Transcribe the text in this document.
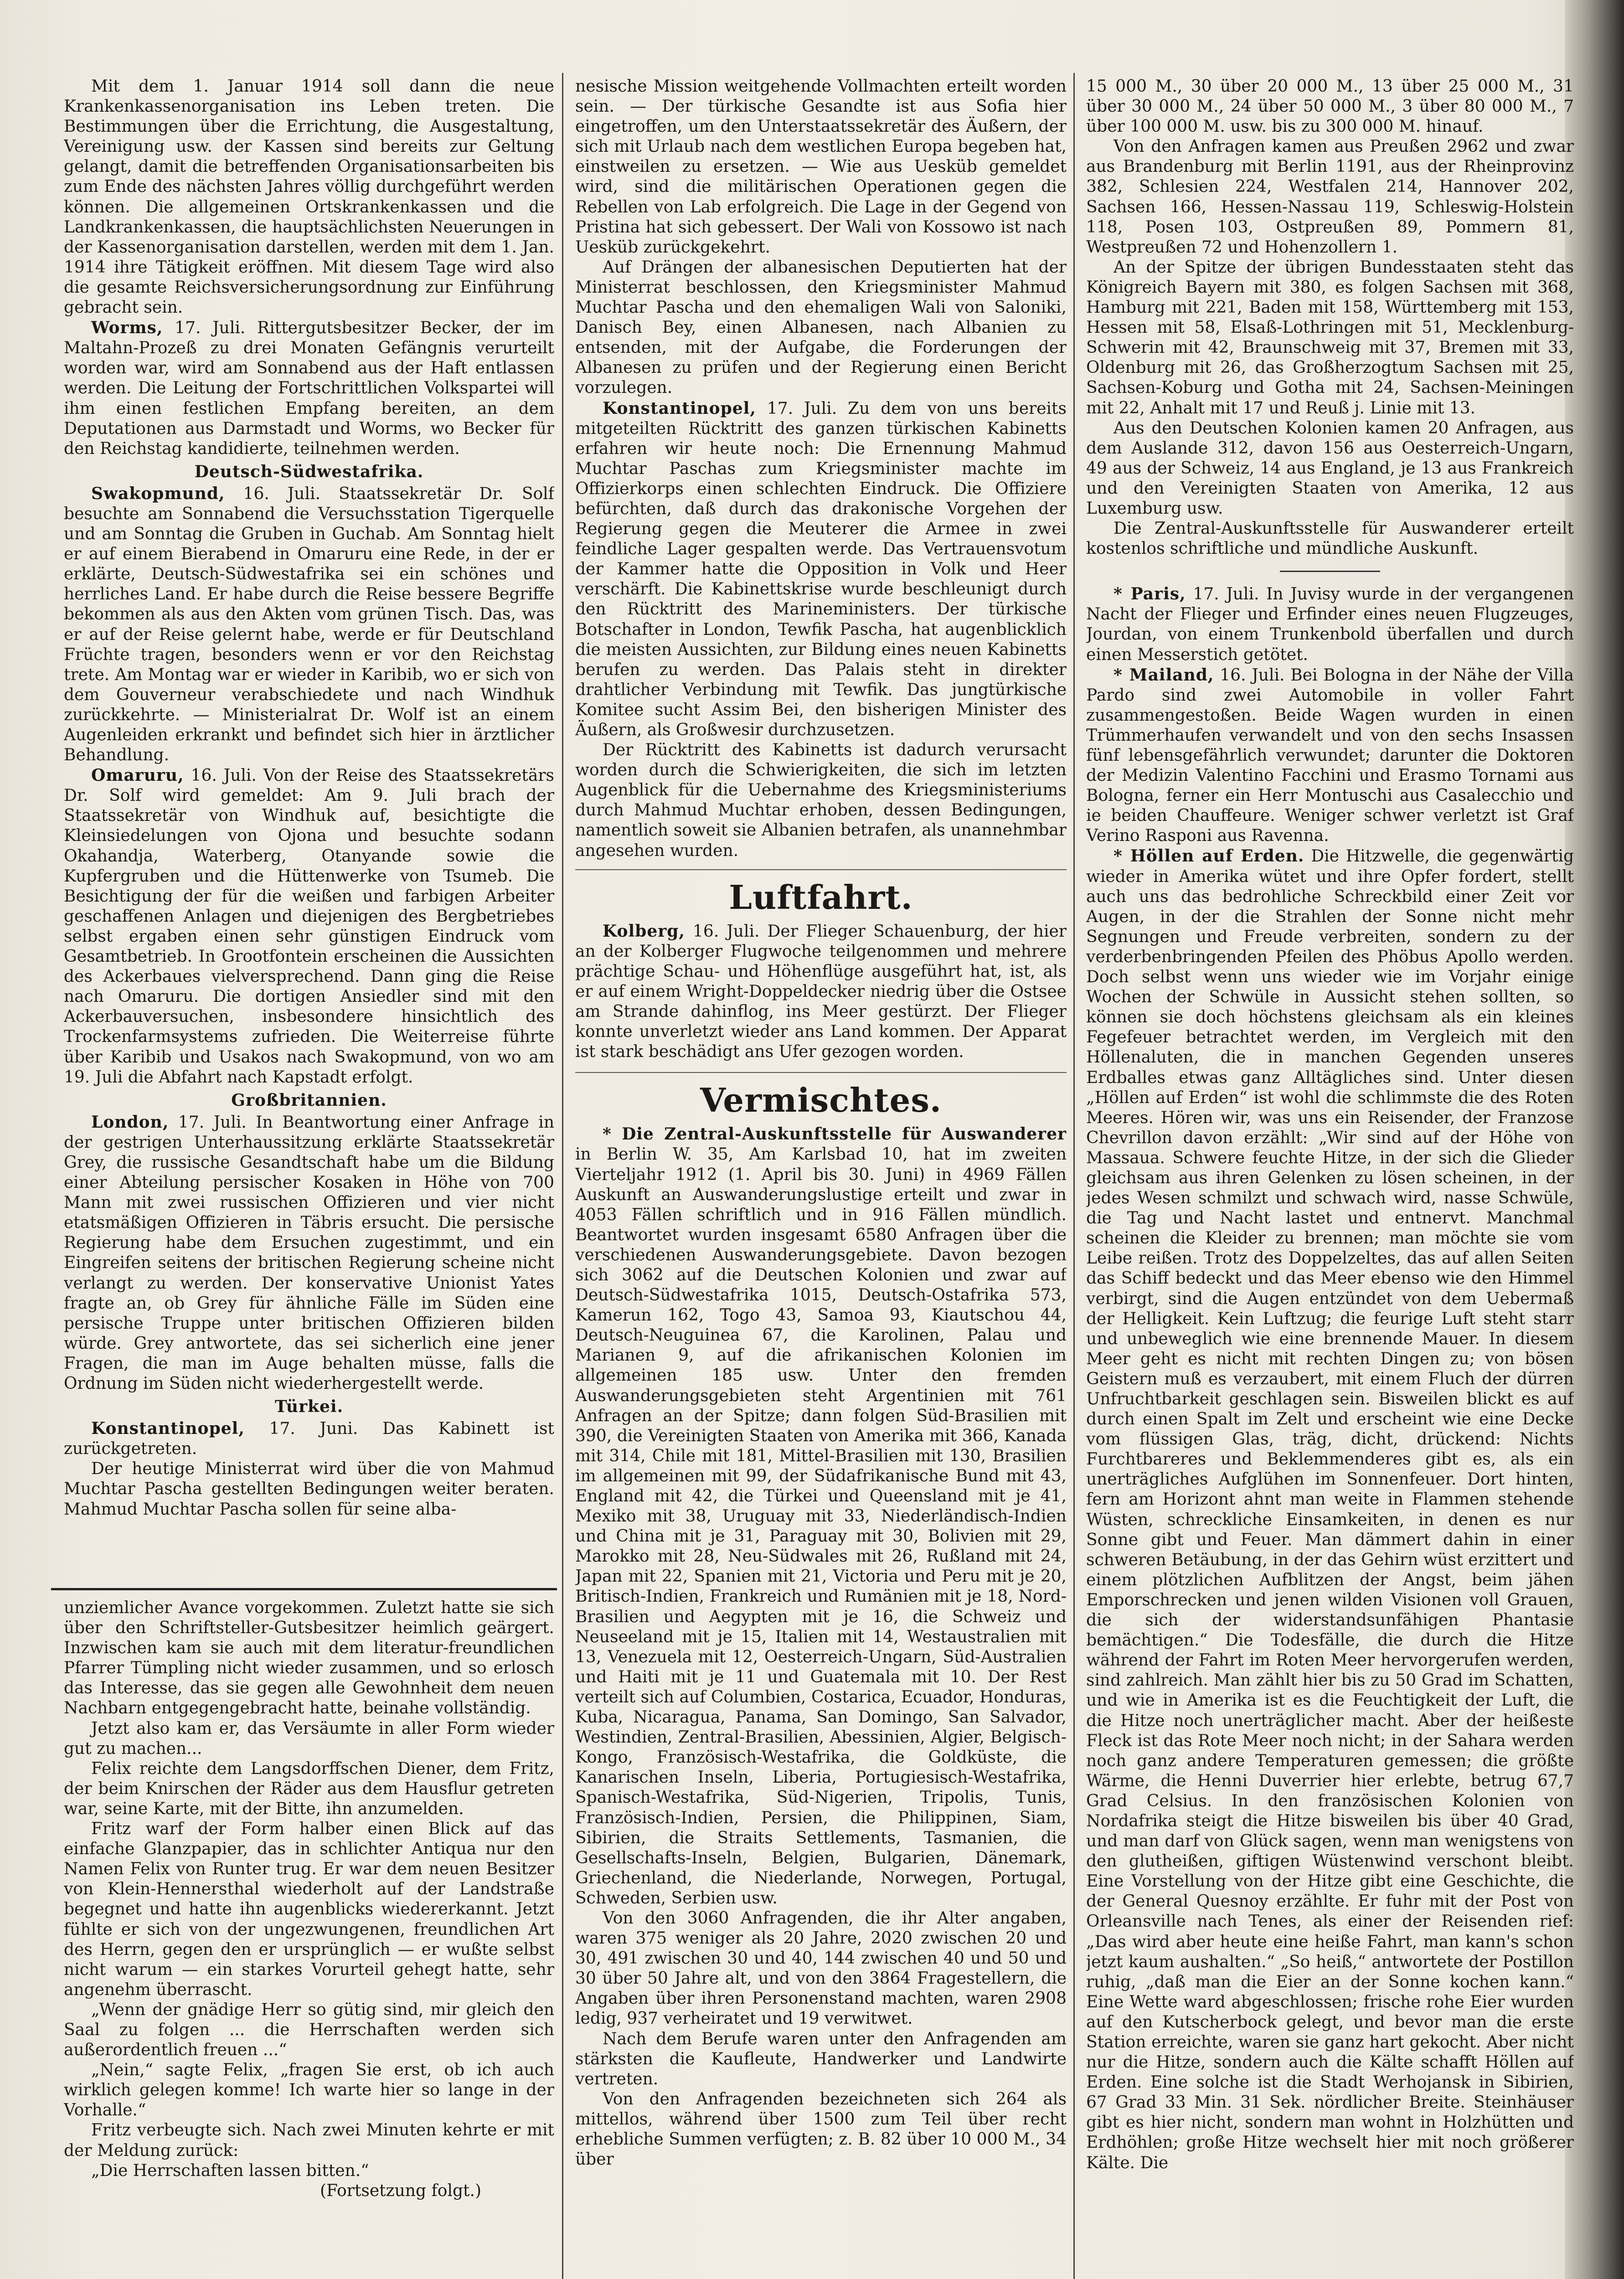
Mit dem 1. Januar 1914 soll dann die neue Krankenkassenorganisation ins Leben treten. Die Bestimmungen über die Errichtung, die Ausgestaltung, Vereinigung usw. der Kassen sind bereits zur Geltung gelangt, damit die betreffenden Organisationsarbeiten bis zum Ende des nächsten Jahres völlig durchgeführt werden können. Die allgemeinen Ortskrankenkassen und die Landkrankenkassen, die hauptsächlichsten Neuerungen in der Kassenorganisation darstellen, werden mit dem 1. Jan. 1914 ihre Tätigkeit eröffnen. Mit diesem Tage wird also die gesamte Reichsversicherungsordnung zur Einführung gebracht sein.

Worms, 17. Juli. Rittergutsbesitzer Becker, der im Maltahn-Prozeß zu drei Monaten Gefängnis verurteilt worden war, wird am Sonnabend aus der Haft entlassen werden. Die Leitung der Fortschrittlichen Volkspartei will ihm einen festlichen Empfang bereiten, an dem Deputationen aus Darmstadt und Worms, wo Becker für den Reichstag kandidierte, teilnehmen werden.

Deutsch-Südwestafrika.

Swakopmund, 16. Juli. Staatssekretär Dr. Solf besuchte am Sonnabend die Versuchsstation Tigerquelle und am Sonntag die Gruben in Guchab. Am Sonntag hielt er auf einem Bierabend in Omaruru eine Rede, in der er erklärte, Deutsch-Südwestafrika sei ein schönes und herrliches Land. Er habe durch die Reise bessere Begriffe bekommen als aus den Akten vom grünen Tisch. Das, was er auf der Reise gelernt habe, werde er für Deutschland Früchte tragen, besonders wenn er vor den Reichstag trete. Am Montag war er wieder in Karibib, wo er sich von dem Gouverneur verabschiedete und nach Windhuk zurückkehrte. — Ministerialrat Dr. Wolf ist an einem Augenleiden erkrankt und befindet sich hier in ärztlicher Behandlung.

Omaruru, 16. Juli. Von der Reise des Staatssekretärs Dr. Solf wird gemeldet: Am 9. Juli brach der Staatssekretär von Windhuk auf, besichtigte die Kleinsiedelungen von Ojona und besuchte sodann Okahandja, Waterberg, Otanyande sowie die Kupfergruben und die Hüttenwerke von Tsumeb. Die Besichtigung der für die weißen und farbigen Arbeiter geschaffenen Anlagen und diejenigen des Bergbetriebes selbst ergaben einen sehr günstigen Eindruck vom Gesamtbetrieb. In Grootfontein erscheinen die Aussichten des Ackerbaues vielversprechend. Dann ging die Reise nach Omaruru. Die dortigen Ansiedler sind mit den Ackerbauversuchen, insbesondere hinsichtlich des Trockenfarmsystems zufrieden. Die Weiterreise führte über Karibib und Usakos nach Swakopmund, von wo am 19. Juli die Abfahrt nach Kapstadt erfolgt.

Großbritannien.

London, 17. Juli. In Beantwortung einer Anfrage in der gestrigen Unterhaussitzung erklärte Staatssekretär Grey, die russische Gesandtschaft habe um die Bildung einer Abteilung persischer Kosaken in Höhe von 700 Mann mit zwei russischen Offizieren und vier nicht etatsmäßigen Offizieren in Täbris ersucht. Die persische Regierung habe dem Ersuchen zugestimmt, und ein Eingreifen seitens der britischen Regierung scheine nicht verlangt zu werden. Der konservative Unionist Yates fragte an, ob Grey für ähnliche Fälle im Süden eine persische Truppe unter britischen Offizieren bilden würde. Grey antwortete, das sei sicherlich eine jener Fragen, die man im Auge behalten müsse, falls die Ordnung im Süden nicht wiederhergestellt werde.

Türkei.

Konstantinopel, 17. Juni. Das Kabinett ist zurückgetreten.

Der heutige Ministerrat wird über die von Mahmud Muchtar Pascha gestellten Bedingungen weiter beraten. Mahmud Muchtar Pascha sollen für seine alba-

unziemlicher Avance vorgekommen. Zuletzt hatte sie sich über den Schriftsteller-Gutsbesitzer heimlich geärgert. Inzwischen kam sie auch mit dem literatur-freundlichen Pfarrer Tümpling nicht wieder zusammen, und so erlosch das Interesse, das sie gegen alle Gewohnheit dem neuen Nachbarn entgegengebracht hatte, beinahe vollständig.

Jetzt also kam er, das Versäumte in aller Form wieder gut zu machen...

Felix reichte dem Langsdorffschen Diener, dem Fritz, der beim Knirschen der Räder aus dem Hausflur getreten war, seine Karte, mit der Bitte, ihn anzumelden.

Fritz warf der Form halber einen Blick auf das einfache Glanzpapier, das in schlichter Antiqua nur den Namen Felix von Runter trug. Er war dem neuen Besitzer von Klein-Hennersthal wiederholt auf der Landstraße begegnet und hatte ihn augenblicks wiedererkannt. Jetzt fühlte er sich von der ungezwungenen, freundlichen Art des Herrn, gegen den er ursprünglich — er wußte selbst nicht warum — ein starkes Vorurteil gehegt hatte, sehr angenehm überrascht.

„Wenn der gnädige Herr so gütig sind, mir gleich den Saal zu folgen ... die Herrschaften werden sich außerordentlich freuen ...“

„Nein,“ sagte Felix, „fragen Sie erst, ob ich auch wirklich gelegen komme! Ich warte hier so lange in der Vorhalle.“

Fritz verbeugte sich. Nach zwei Minuten kehrte er mit der Meldung zurück:

„Die Herrschaften lassen bitten.“

(Fortsetzung folgt.)

nesische Mission weitgehende Vollmachten erteilt worden sein. — Der türkische Gesandte ist aus Sofia hier eingetroffen, um den Unterstaatssekretär des Äußern, der sich mit Urlaub nach dem westlichen Europa begeben hat, einstweilen zu ersetzen. — Wie aus Uesküb gemeldet wird, sind die militärischen Operationen gegen die Rebellen von Lab erfolgreich. Die Lage in der Gegend von Pristina hat sich gebessert. Der Wali von Kossowo ist nach Uesküb zurückgekehrt.

Auf Drängen der albanesischen Deputierten hat der Ministerrat beschlossen, den Kriegsminister Mahmud Muchtar Pascha und den ehemaligen Wali von Saloniki, Danisch Bey, einen Albanesen, nach Albanien zu entsenden, mit der Aufgabe, die Forderungen der Albanesen zu prüfen und der Regierung einen Bericht vorzulegen.

Konstantinopel, 17. Juli. Zu dem von uns bereits mitgeteilten Rücktritt des ganzen türkischen Kabinetts erfahren wir heute noch: Die Ernennung Mahmud Muchtar Paschas zum Kriegsminister machte im Offizierkorps einen schlechten Eindruck. Die Offiziere befürchten, daß durch das drakonische Vorgehen der Regierung gegen die Meuterer die Armee in zwei feindliche Lager gespalten werde. Das Vertrauensvotum der Kammer hatte die Opposition in Volk und Heer verschärft. Die Kabinettskrise wurde beschleunigt durch den Rücktritt des Marineministers. Der türkische Botschafter in London, Tewfik Pascha, hat augenblicklich die meisten Aussichten, zur Bildung eines neuen Kabinetts berufen zu werden. Das Palais steht in direkter drahtlicher Verbindung mit Tewfik. Das jungtürkische Komitee sucht Assim Bei, den bisherigen Minister des Äußern, als Großwesir durchzusetzen.

Der Rücktritt des Kabinetts ist dadurch verursacht worden durch die Schwierigkeiten, die sich im letzten Augenblick für die Uebernahme des Kriegsministeriums durch Mahmud Muchtar erhoben, dessen Bedingungen, namentlich soweit sie Albanien betrafen, als unannehmbar angesehen wurden.

Luftfahrt.

Kolberg, 16. Juli. Der Flieger Schauenburg, der hier an der Kolberger Flugwoche teilgenommen und mehrere prächtige Schau- und Höhenflüge ausgeführt hat, ist, als er auf einem Wright-Doppeldecker niedrig über die Ostsee am Strande dahinflog, ins Meer gestürzt. Der Flieger konnte unverletzt wieder ans Land kommen. Der Apparat ist stark beschädigt ans Ufer gezogen worden.

Vermischtes.

* Die Zentral-Auskunftsstelle für Auswanderer in Berlin W. 35, Am Karlsbad 10, hat im zweiten Vierteljahr 1912 (1. April bis 30. Juni) in 4969 Fällen Auskunft an Auswanderungslustige erteilt und zwar in 4053 Fällen schriftlich und in 916 Fällen mündlich. Beantwortet wurden insgesamt 6580 Anfragen über die verschiedenen Auswanderungsgebiete. Davon bezogen sich 3062 auf die Deutschen Kolonien und zwar auf Deutsch-Südwestafrika 1015, Deutsch-Ostafrika 573, Kamerun 162, Togo 43, Samoa 93, Kiautschou 44, Deutsch-Neuguinea 67, die Karolinen, Palau und Marianen 9, auf die afrikanischen Kolonien im allgemeinen 185 usw. Unter den fremden Auswanderungsgebieten steht Argentinien mit 761 Anfragen an der Spitze; dann folgen Süd-Brasilien mit 390, die Vereinigten Staaten von Amerika mit 366, Kanada mit 314, Chile mit 181, Mittel-Brasilien mit 130, Brasilien im allgemeinen mit 99, der Südafrikanische Bund mit 43, England mit 42, die Türkei und Queensland mit je 41, Mexiko mit 38, Uruguay mit 33, Niederländisch-Indien und China mit je 31, Paraguay mit 30, Bolivien mit 29, Marokko mit 28, Neu-Südwales mit 26, Rußland mit 24, Japan mit 22, Spanien mit 21, Victoria und Peru mit je 20, Britisch-Indien, Frankreich und Rumänien mit je 18, Nord-Brasilien und Aegypten mit je 16, die Schweiz und Neuseeland mit je 15, Italien mit 14, Westaustralien mit 13, Venezuela mit 12, Oesterreich-Ungarn, Süd-Australien und Haiti mit je 11 und Guatemala mit 10. Der Rest verteilt sich auf Columbien, Costarica, Ecuador, Honduras, Kuba, Nicaragua, Panama, San Domingo, San Salvador, Westindien, Zentral-Brasilien, Abessinien, Algier, Belgisch-Kongo, Französisch-Westafrika, die Goldküste, die Kanarischen Inseln, Liberia, Portugiesisch-Westafrika, Spanisch-Westafrika, Süd-Nigerien, Tripolis, Tunis, Französisch-Indien, Persien, die Philippinen, Siam, Sibirien, die Straits Settlements, Tasmanien, die Gesellschafts-Inseln, Belgien, Bulgarien, Dänemark, Griechenland, die Niederlande, Norwegen, Portugal, Schweden, Serbien usw.

Von den 3060 Anfragenden, die ihr Alter angaben, waren 375 weniger als 20 Jahre, 2020 zwischen 20 und 30, 491 zwischen 30 und 40, 144 zwischen 40 und 50 und 30 über 50 Jahre alt, und von den 3864 Fragestellern, die Angaben über ihren Personenstand machten, waren 2908 ledig, 937 verheiratet und 19 verwitwet.

Nach dem Berufe waren unter den Anfragenden am stärksten die Kaufleute, Handwerker und Landwirte vertreten.

Von den Anfragenden bezeichneten sich 264 als mittellos, während über 1500 zum Teil über recht erhebliche Summen verfügten; z. B. 82 über 10 000 M., 34 über

15 000 M., 30 über 20 000 M., 13 über 25 000 M., 31 über 30 000 M., 24 über 50 000 M., 3 über 80 000 M., 7 über 100 000 M. usw. bis zu 300 000 M. hinauf.

Von den Anfragen kamen aus Preußen 2962 und zwar aus Brandenburg mit Berlin 1191, aus der Rheinprovinz 382, Schlesien 224, Westfalen 214, Hannover 202, Sachsen 166, Hessen-Nassau 119, Schleswig-Holstein 118, Posen 103, Ostpreußen 89, Pommern 81, Westpreußen 72 und Hohenzollern 1.

An der Spitze der übrigen Bundesstaaten steht das Königreich Bayern mit 380, es folgen Sachsen mit 368, Hamburg mit 221, Baden mit 158, Württemberg mit 153, Hessen mit 58, Elsaß-Lothringen mit 51, Mecklenburg-Schwerin mit 42, Braunschweig mit 37, Bremen mit 33, Oldenburg mit 26, das Großherzogtum Sachsen mit 25, Sachsen-Koburg und Gotha mit 24, Sachsen-Meiningen mit 22, Anhalt mit 17 und Reuß j. Linie mit 13.

Aus den Deutschen Kolonien kamen 20 Anfragen, aus dem Auslande 312, davon 156 aus Oesterreich-Ungarn, 49 aus der Schweiz, 14 aus England, je 13 aus Frankreich und den Vereinigten Staaten von Amerika, 12 aus Luxemburg usw.

Die Zentral-Auskunftsstelle für Auswanderer erteilt kostenlos schriftliche und mündliche Auskunft.

* Paris, 17. Juli. In Juvisy wurde in der vergangenen Nacht der Flieger und Erfinder eines neuen Flugzeuges, Jourdan, von einem Trunkenbold überfallen und durch einen Messerstich getötet.

* Mailand, 16. Juli. Bei Bologna in der Nähe der Villa Pardo sind zwei Automobile in voller Fahrt zusammengestoßen. Beide Wagen wurden in einen Trümmerhaufen verwandelt und von den sechs Insassen fünf lebensgefährlich verwundet; darunter die Doktoren der Medizin Valentino Facchini und Erasmo Tornami aus Bologna, ferner ein Herr Montuschi aus Casalecchio und ie beiden Chauffeure. Weniger schwer verletzt ist Graf Verino Rasponi aus Ravenna.

* Höllen auf Erden. Die Hitzwelle, die gegenwärtig wieder in Amerika wütet und ihre Opfer fordert, stellt auch uns das bedrohliche Schreckbild einer Zeit vor Augen, in der die Strahlen der Sonne nicht mehr Segnungen und Freude verbreiten, sondern zu der verderbenbringenden Pfeilen des Phöbus Apollo werden. Doch selbst wenn uns wieder wie im Vorjahr einige Wochen der Schwüle in Aussicht stehen sollten, so können sie doch höchstens gleichsam als ein kleines Fegefeuer betrachtet werden, im Vergleich mit den Höllenaluten, die in manchen Gegenden unseres Erdballes etwas ganz Alltägliches sind. Unter diesen „Höllen auf Erden“ ist wohl die schlimmste die des Roten Meeres. Hören wir, was uns ein Reisender, der Franzose Chevrillon davon erzählt: „Wir sind auf der Höhe von Massaua. Schwere feuchte Hitze, in der sich die Glieder gleichsam aus ihren Gelenken zu lösen scheinen, in der jedes Wesen schmilzt und schwach wird, nasse Schwüle, die Tag und Nacht lastet und entnervt. Manchmal scheinen die Kleider zu brennen; man möchte sie vom Leibe reißen. Trotz des Doppelzeltes, das auf allen Seiten das Schiff bedeckt und das Meer ebenso wie den Himmel verbirgt, sind die Augen entzündet von dem Uebermaß der Helligkeit. Kein Luftzug; die feurige Luft steht starr und unbeweglich wie eine brennende Mauer. In diesem Meer geht es nicht mit rechten Dingen zu; von bösen Geistern muß es verzaubert, mit einem Fluch der dürren Unfruchtbarkeit geschlagen sein. Bisweilen blickt es auf durch einen Spalt im Zelt und erscheint wie eine Decke vom flüssigen Glas, träg, dicht, drückend: Nichts Furchtbareres und Beklemmenderes gibt es, als ein unerträgliches Aufglühen im Sonnenfeuer. Dort hinten, fern am Horizont ahnt man weite in Flammen stehende Wüsten, schreckliche Einsamkeiten, in denen es nur Sonne gibt und Feuer. Man dämmert dahin in einer schweren Betäubung, in der das Gehirn wüst erzittert und einem plötzlichen Aufblitzen der Angst, beim jähen Emporschrecken und jenen wilden Visionen voll Grauen, die sich der widerstandsunfähigen Phantasie bemächtigen.“ Die Todesfälle, die durch die Hitze während der Fahrt im Roten Meer hervorgerufen werden, sind zahlreich. Man zählt hier bis zu 50 Grad im Schatten, und wie in Amerika ist es die Feuchtigkeit der Luft, die die Hitze noch unerträglicher macht. Aber der heißeste Fleck ist das Rote Meer noch nicht; in der Sahara werden noch ganz andere Temperaturen gemessen; die größte Wärme, die Henni Duverrier hier erlebte, betrug 67,7 Grad Celsius. In den französischen Kolonien von Nordafrika steigt die Hitze bisweilen bis über 40 Grad, und man darf von Glück sagen, wenn man wenigstens von den glutheißen, giftigen Wüstenwind verschont bleibt. Eine Vorstellung von der Hitze gibt eine Geschichte, die der General Quesnoy erzählte. Er fuhr mit der Post von Orleansville nach Tenes, als einer der Reisenden rief: „Das wird aber heute eine heiße Fahrt, man kann's schon jetzt kaum aushalten.“ „So heiß,“ antwortete der Postillon ruhig, „daß man die Eier an der Sonne kochen kann.“ Eine Wette ward abgeschlossen; frische rohe Eier wurden auf den Kutscherbock gelegt, und bevor man die erste Station erreichte, waren sie ganz hart gekocht. Aber nicht nur die Hitze, sondern auch die Kälte schafft Höllen auf Erden. Eine solche ist die Stadt Werhojansk in Sibirien, 67 Grad 33 Min. 31 Sek. nördlicher Breite. Steinhäuser gibt es hier nicht, sondern man wohnt in Holzhütten und Erdhöhlen; große Hitze wechselt hier mit noch größerer Kälte. Die
